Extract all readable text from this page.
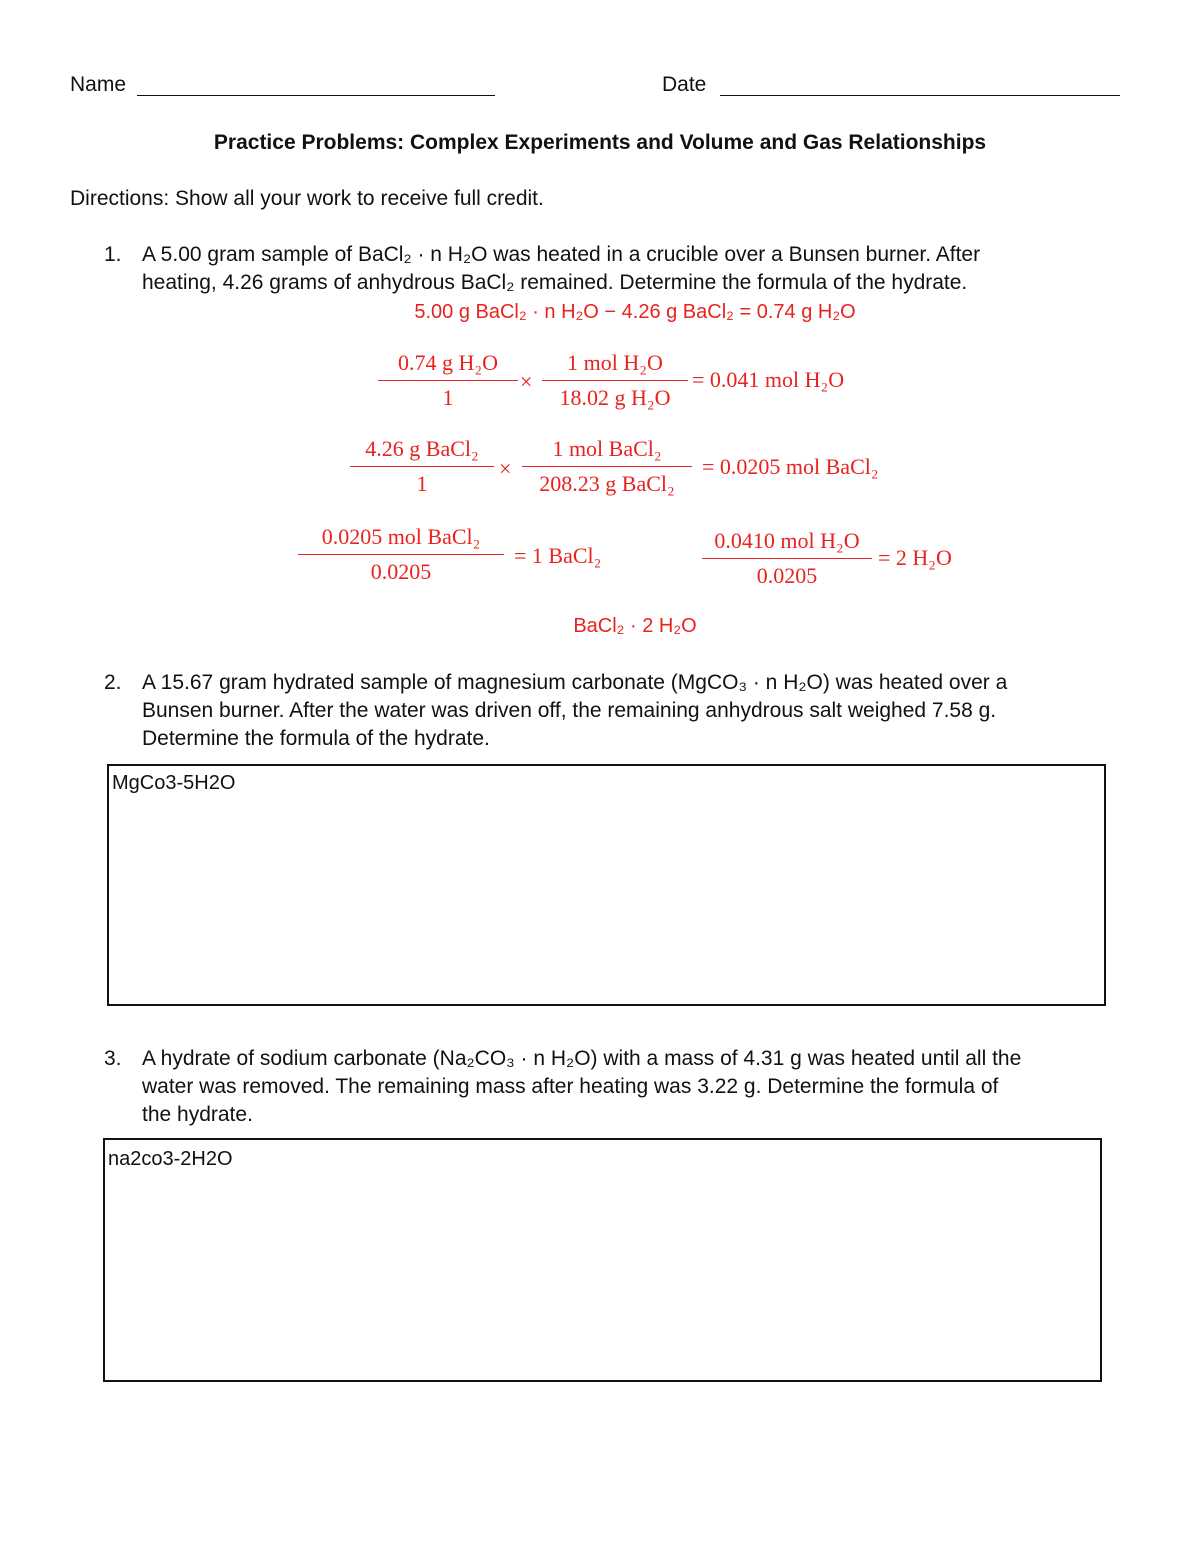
Name	Date
Practice Problems: Complex Experiments and Volume and Gas Relationships
Directions: Show all your work to receive full credit.
1. A 5.00 gram sample of BaCl₂ · n H₂O was heated in a crucible over a Bunsen burner. After
heating, 4.26 grams of anhydrous BaCl₂ remained. Determine the formula of the hydrate.
5.00 g BaCl₂ · n H₂O − 4.26 g BaCl₂ = 0.74 g H₂O
0.74 g H₂O
1
×
1 mol H₂O
18.02 g H₂O
= 0.041 mol H₂O
4.26 g BaCl₂
1
×
1 mol BaCl₂
208.23 g BaCl₂
= 0.0205 mol BaCl₂
0.0205 mol BaCl₂
0.0205
= 1 BaCl₂
0.0410 mol H₂O
0.0205
= 2 H₂O
BaCl₂ · 2 H₂O
2. A 15.67 gram hydrated sample of magnesium carbonate (MgCO₃ · n H₂O) was heated over a
Bunsen burner. After the water was driven off, the remaining anhydrous salt weighed 7.58 g.
Determine the formula of the hydrate.
MgCo3-5H2O
3. A hydrate of sodium carbonate (Na₂CO₃ · n H₂O) with a mass of 4.31 g was heated until all the
water was removed. The remaining mass after heating was 3.22 g. Determine the formula of
the hydrate.
na2co3-2H2O
